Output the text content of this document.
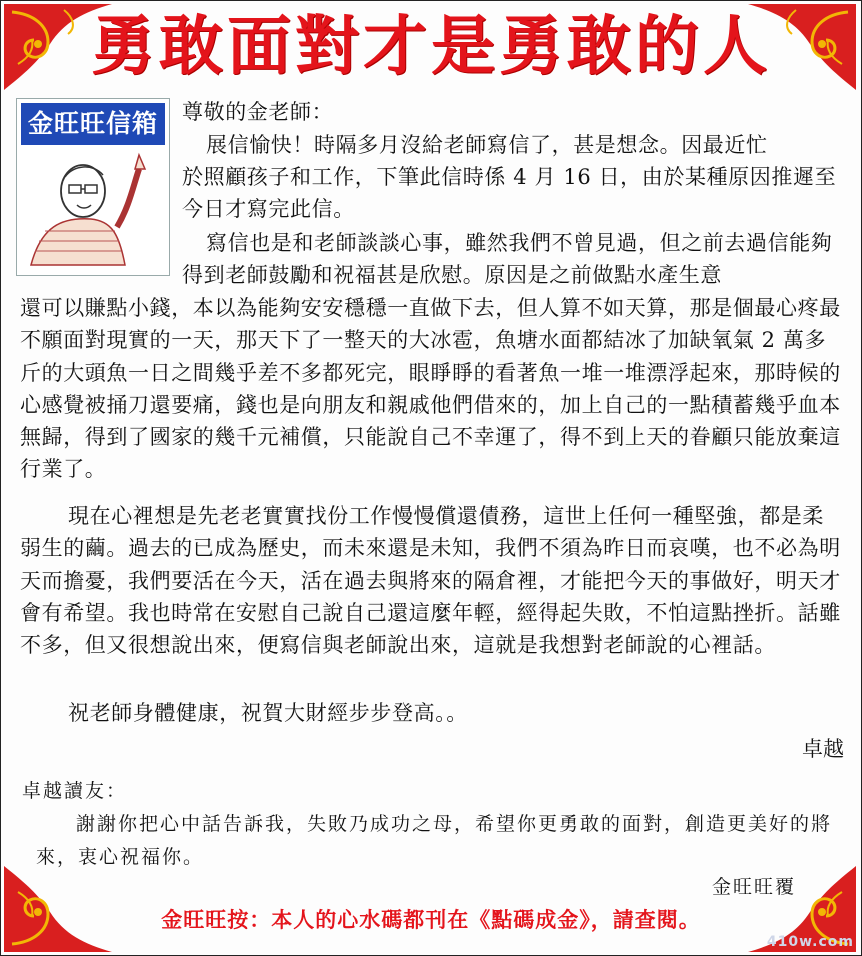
勇敢面對才是勇敢的人
金旺旺信箱	尊敬的金老師：
展信愉快！時隔多月沒給老師寫信了，甚是想念。因最近忙
於照顧孩子和工作，下筆此信時係 4 月 16 日，由於某種原因推遲至今日才寫完此信。
寫信也是和老師談談心事，雖然我們不曾見過，但之前去過信能夠得到老師鼓勵和祝福甚是欣慰。原因是之前做點水產生意
還可以賺點小錢，本以為能夠安安穩穩一直做下去，但人算不如天算，那是個最心疼最不願面對現實的一天，那天下了一整天的大冰雹，魚塘水面都結冰了加缺氧氣 2 萬多斤的大頭魚一日之間幾乎差不多都死完，眼睜睜的看著魚一堆一堆漂浮起來，那時候的心感覺被捅刀還要痛，錢也是向朋友和親戚他們借來的，加上自己的一點積蓄幾乎血本無歸，得到了國家的幾千元補償，只能說自己不幸運了，得不到上天的眷顧只能放棄這行業了。
現在心裡想是先老老實實找份工作慢慢償還債務，這世上任何一種堅強，都是柔弱生的繭。過去的已成為歷史，而未來還是未知，我們不須為昨日而哀嘆，也不必為明天而擔憂，我們要活在今天，活在過去與將來的隔倉裡，才能把今天的事做好，明天才會有希望。我也時常在安慰自己說自己還這麼年輕，經得起失敗，不怕這點挫折。話雖不多，但又很想說出來，便寫信與老師說出來，這就是我想對老師說的心裡話。
祝老師身體健康，祝賀大財經步步登高。。
卓越
卓越讀友：
謝謝你把心中話告訴我，失敗乃成功之母，希望你更勇敢的面對，創造更美好的將來，衷心祝福你。
金旺旺覆
金旺旺按：本人的心水碼都刊在《點碼成金》，請查閱。
410w.com
